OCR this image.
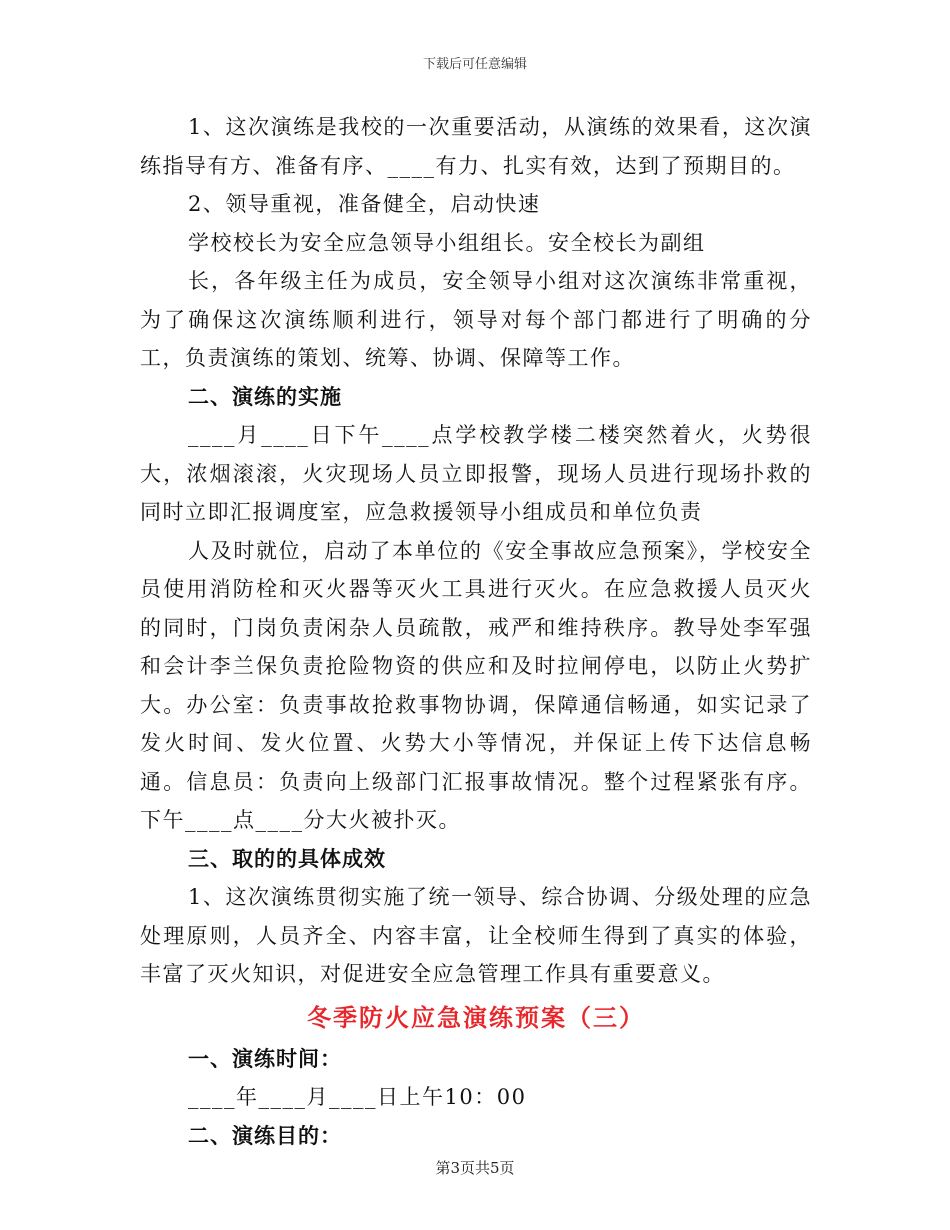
下载后可任意编辑

1、这次演练是我校的一次重要活动，从演练的效果看，这次演练指导有方、准备有序、____有力、扎实有效，达到了预期目的。

2、领导重视，准备健全，启动快速

学校校长为安全应急领导小组组长。安全校长为副组

长，各年级主任为成员，安全领导小组对这次演练非常重视，为了确保这次演练顺利进行，领导对每个部门都进行了明确的分工，负责演练的策划、统筹、协调、保障等工作。

二、演练的实施

____月____日下午____点学校教学楼二楼突然着火，火势很大，浓烟滚滚，火灾现场人员立即报警，现场人员进行现场扑救的同时立即汇报调度室，应急救援领导小组成员和单位负责

人及时就位，启动了本单位的《安全事故应急预案》，学校安全员使用消防栓和灭火器等灭火工具进行灭火。在应急救援人员灭火的同时，门岗负责闲杂人员疏散，戒严和维持秩序。教导处李军强和会计李兰保负责抢险物资的供应和及时拉闸停电，以防止火势扩大。办公室：负责事故抢救事物协调，保障通信畅通，如实记录了发火时间、发火位置、火势大小等情况，并保证上传下达信息畅通。信息员：负责向上级部门汇报事故情况。整个过程紧张有序。下午____点____分大火被扑灭。

三、取的的具体成效

1、这次演练贯彻实施了统一领导、综合协调、分级处理的应急处理原则，人员齐全、内容丰富，让全校师生得到了真实的体验，丰富了灭火知识，对促进安全应急管理工作具有重要意义。

冬季防火应急演练预案（三）

一、演练时间：

____年____月____日上午10：00

二、演练目的：

第3页共5页
